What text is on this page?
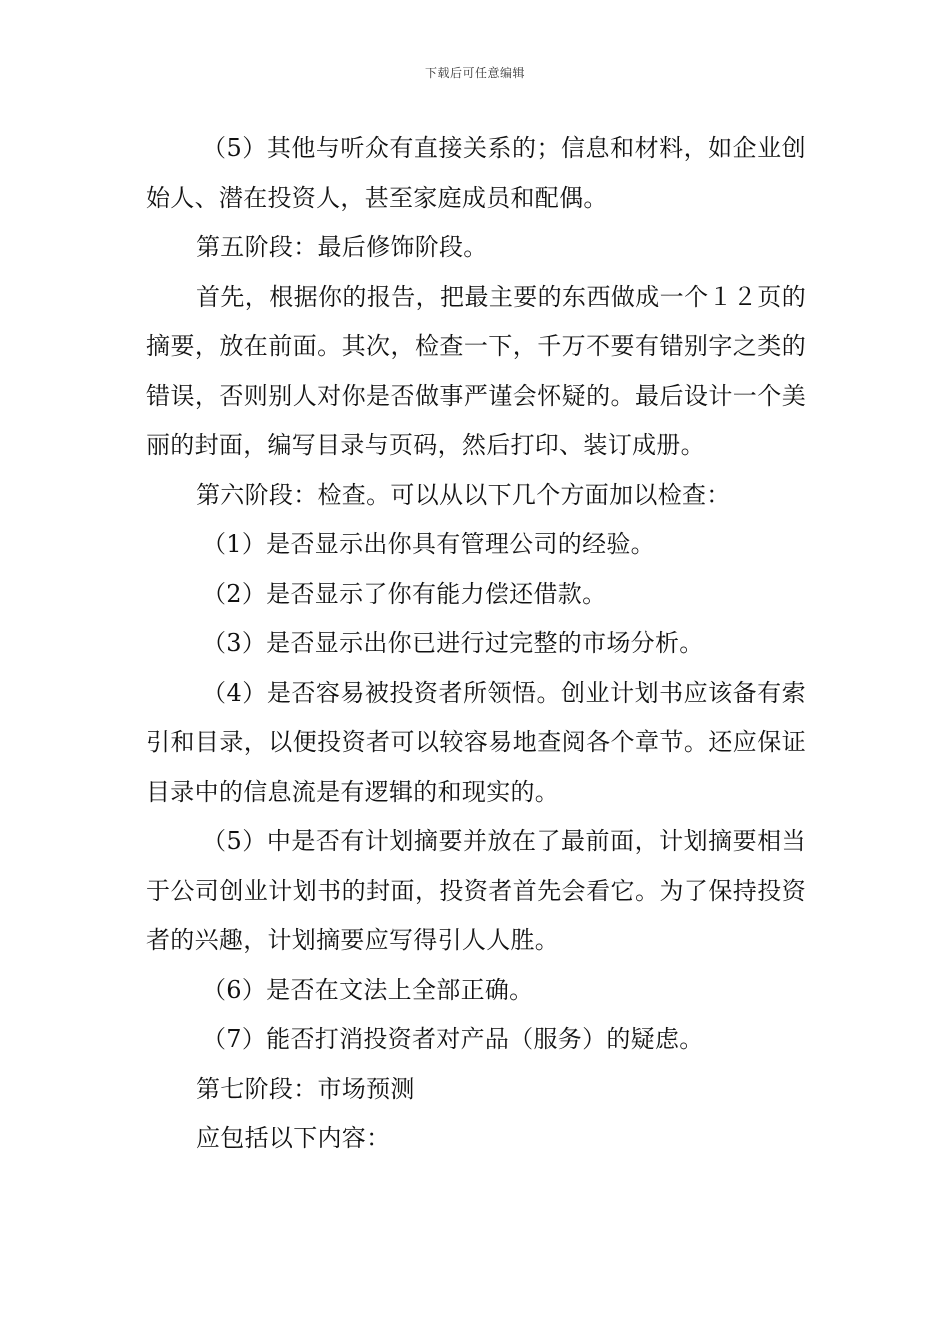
下载后可任意编辑

（5）其他与听众有直接关系的；信息和材料，如企业创始人、潜在投资人，甚至家庭成员和配偶。

第五阶段：最后修饰阶段。

首先，根据你的报告，把最主要的东西做成一个１２页的摘要，放在前面。其次，检查一下，千万不要有错别字之类的错误，否则别人对你是否做事严谨会怀疑的。最后设计一个美丽的封面，编写目录与页码，然后打印、装订成册。

第六阶段：检查。可以从以下几个方面加以检查：

（1）是否显示出你具有管理公司的经验。

（2）是否显示了你有能力偿还借款。

（3）是否显示出你已进行过完整的市场分析。

（4）是否容易被投资者所领悟。创业计划书应该备有索引和目录，以便投资者可以较容易地查阅各个章节。还应保证目录中的信息流是有逻辑的和现实的。

（5）中是否有计划摘要并放在了最前面，计划摘要相当于公司创业计划书的封面，投资者首先会看它。为了保持投资者的兴趣，计划摘要应写得引人人胜。

（6）是否在文法上全部正确。

（7）能否打消投资者对产品（服务）的疑虑。

第七阶段：市场预测

应包括以下内容：
